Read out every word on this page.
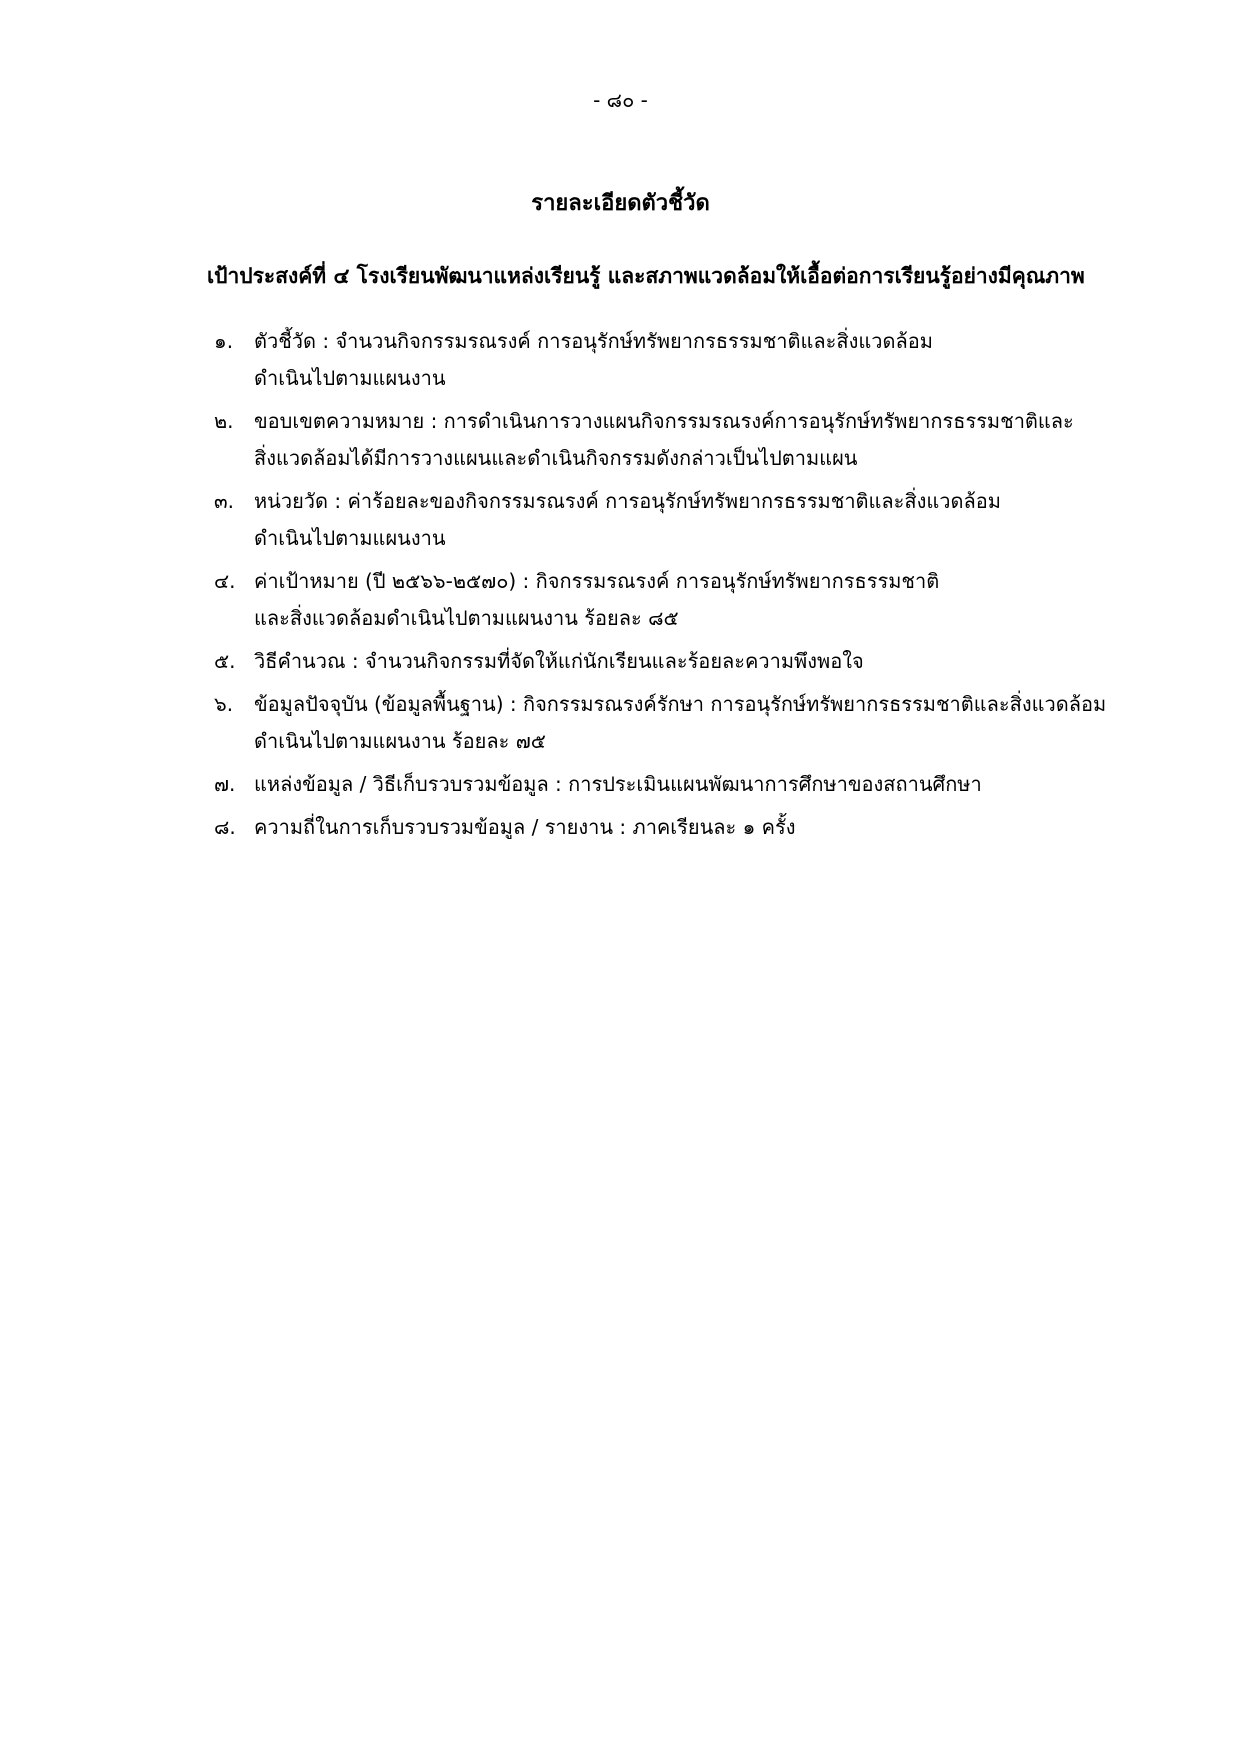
- ๘๐ -
รายละเอียดตัวชี้วัด
เป้าประสงค์ที่ ๔ โรงเรียนพัฒนาแหล่งเรียนรู้ และสภาพแวดล้อมให้เอื้อต่อการเรียนรู้อย่างมีคุณภาพ
๑.	ตัวชี้วัด : จำนวนกิจกรรมรณรงค์ การอนุรักษ์ทรัพยากรธรรมชาติและสิ่งแวดล้อม
ดำเนินไปตามแผนงาน
๒.	ขอบเขตความหมาย : การดำเนินการวางแผนกิจกรรมรณรงค์การอนุรักษ์ทรัพยากรธรรมชาติและ
สิ่งแวดล้อมได้มีการวางแผนและดำเนินกิจกรรมดังกล่าวเป็นไปตามแผน
๓. หน่วยวัด : ค่าร้อยละของกิจกรรมรณรงค์ การอนุรักษ์ทรัพยากรธรรมชาติและสิ่งแวดล้อม
ดำเนินไปตามแผนงาน
๔. ค่าเป้าหมาย (ปี ๒๕๖๖-๒๕๗๐) : กิจกรรมรณรงค์ การอนุรักษ์ทรัพยากรธรรมชาติ
และสิ่งแวดล้อมดำเนินไปตามแผนงาน ร้อยละ ๘๕
๕. วิธีคำนวณ : จำนวนกิจกรรมที่จัดให้แก่นักเรียนและร้อยละความพึงพอใจ
๖.	ข้อมูลปัจจุบัน (ข้อมูลพื้นฐาน) : กิจกรรมรณรงค์รักษา การอนุรักษ์ทรัพยากรธรรมชาติและสิ่งแวดล้อม
ดำเนินไปตามแผนงาน ร้อยละ ๗๕
๗. แหล่งข้อมูล / วิธีเก็บรวบรวมข้อมูล : การประเมินแผนพัฒนาการศึกษาของสถานศึกษา
๘. ความถี่ในการเก็บรวบรวมข้อมูล / รายงาน : ภาคเรียนละ ๑ ครั้ง
